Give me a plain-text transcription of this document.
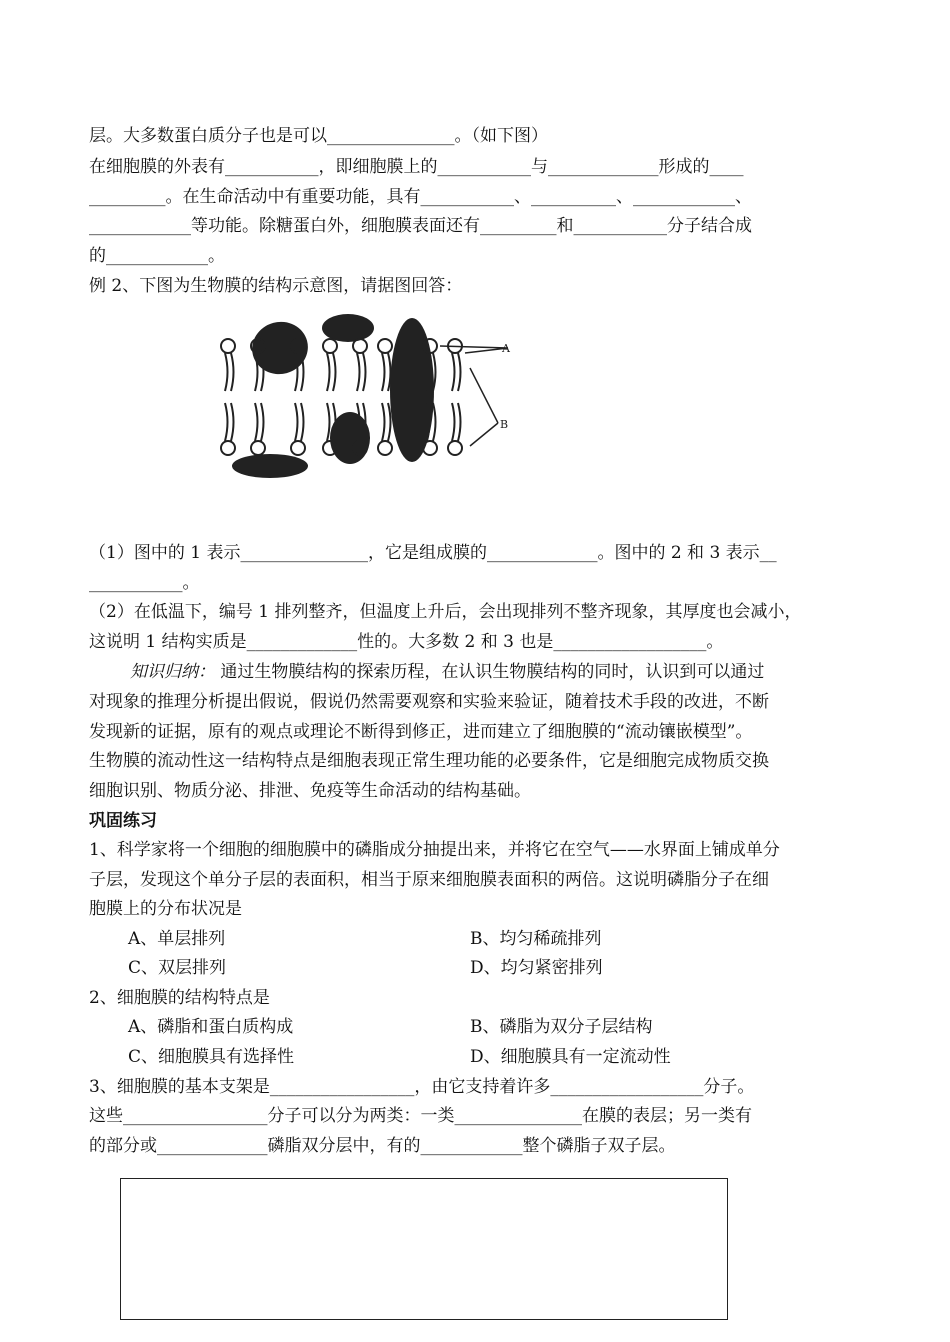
层。大多数蛋白质分子也是可以_______________。（如下图）
在细胞膜的外表有___________，即细胞膜上的___________与_____________形成的____
_________。在生命活动中有重要功能，具有___________、__________、____________、
____________等功能。除糖蛋白外，细胞膜表面还有_________和___________分子结合成
的____________。
例 2、下图为生物膜的结构示意图，请据图回答：
A
B
（1）图中的 1 表示_______________，它是组成膜的_____________。图中的 2 和 3 表示__
___________。
（2）在低温下，编号 1 排列整齐，但温度上升后，会出现排列不整齐现象，其厚度也会减小，
这说明 1 结构实质是_____________性的。大多数 2 和 3 也是__________________。
知识归纳： 通过生物膜结构的探索历程，在认识生物膜结构的同时，认识到可以通过
对现象的推理分析提出假说，假说仍然需要观察和实验来验证，随着技术手段的改进，不断
发现新的证据，原有的观点或理论不断得到修正，进而建立了细胞膜的“流动镶嵌模型”。
生物膜的流动性这一结构特点是细胞表现正常生理功能的必要条件，它是细胞完成物质交换
细胞识别、物质分泌、排泄、免疫等生命活动的结构基础。
巩固练习
1、科学家将一个细胞的细胞膜中的磷脂成分抽提出来，并将它在空气——水界面上铺成单分
子层，发现这个单分子层的表面积，相当于原来细胞膜表面积的两倍。这说明磷脂分子在细
胞膜上的分布状况是
A、单层排列	B、均匀稀疏排列
C、双层排列	D、均匀紧密排列
2、细胞膜的结构特点是
A、磷脂和蛋白质构成	B、磷脂为双分子层结构
C、细胞膜具有选择性	D、细胞膜具有一定流动性
3、细胞膜的基本支架是_________________，由它支持着许多__________________分子。
这些_________________分子可以分为两类：一类_______________在膜的表层；另一类有
的部分或_____________磷脂双分层中，有的____________整个磷脂子双子层。
